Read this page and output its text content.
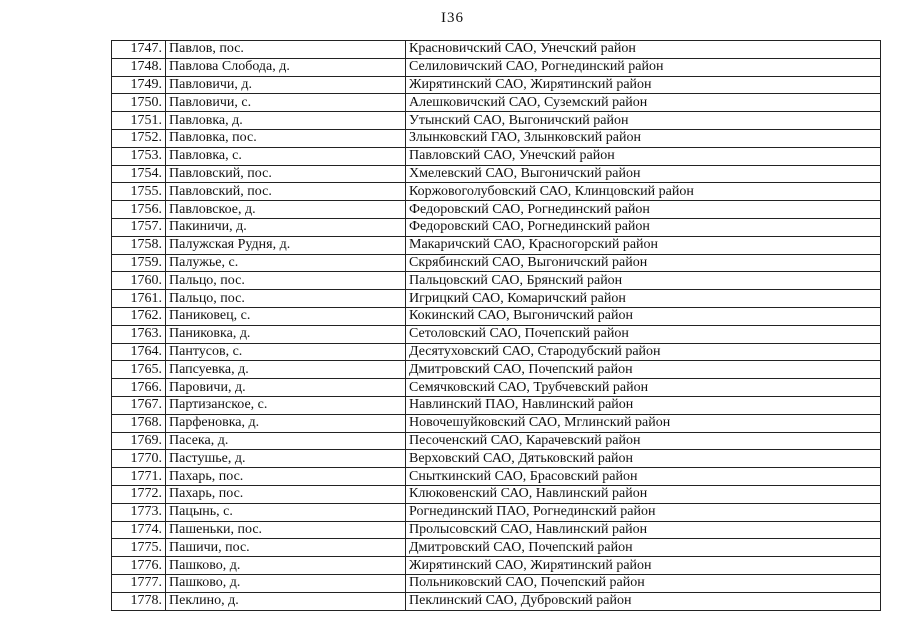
I36
1747.	Павлов, пос.	Красновичский САО, Унечский район
1748.	Павлова Слобода, д.	Селиловичский САО, Рогнединский район
1749.	Павловичи, д.	Жирятинский САО, Жирятинский район
1750.	Павловичи, с.	Алешковичский САО, Суземский район
1751.	Павловка, д.	Утынский САО, Выгоничский район
1752.	Павловка, пос.	Злынковский ГАО, Злынковский район
1753.	Павловка, с.	Павловский САО, Унечский район
1754.	Павловский, пос.	Хмелевский САО, Выгоничский район
1755.	Павловский, пос.	Коржовоголубовский САО, Клинцовский район
1756.	Павловское, д.	Федоровский САО, Рогнединский район
1757.	Пакиничи, д.	Федоровский САО, Рогнединский район
1758.	Палужская Рудня, д.	Макаричский САО, Красногорский район
1759.	Палужье, с.	Скрябинский САО, Выгоничский район
1760.	Пальцо, пос.	Пальцовский САО, Брянский район
1761.	Пальцо, пос.	Игрицкий САО, Комаричский район
1762.	Паниковец, с.	Кокинский САО, Выгоничский район
1763.	Паниковка, д.	Сетоловский САО, Почепский район
1764.	Пантусов, с.	Десятуховский САО, Стародубский район
1765.	Папсуевка, д.	Дмитровский САО, Почепский район
1766.	Паровичи, д.	Семячковский САО, Трубчевский район
1767.	Партизанское, с.	Навлинский ПАО, Навлинский район
1768.	Парфеновка, д.	Новочешуйковский САО, Мглинский район
1769.	Пасека, д.	Песоченский САО, Карачевский район
1770.	Пастушье, д.	Верховский САО, Дятьковский район
1771.	Пахарь, пос.	Сныткинский САО, Брасовский район
1772.	Пахарь, пос.	Клюковенский САО, Навлинский район
1773.	Пацынь, с.	Рогнединский ПАО, Рогнединский район
1774.	Пашеньки, пос.	Пролысовский САО, Навлинский район
1775.	Пашичи, пос.	Дмитровский САО, Почепский район
1776.	Пашково, д.	Жирятинский САО, Жирятинский район
1777.	Пашково, д.	Польниковский САО, Почепский район
1778.	Пеклино, д.	Пеклинский САО, Дубровский район
